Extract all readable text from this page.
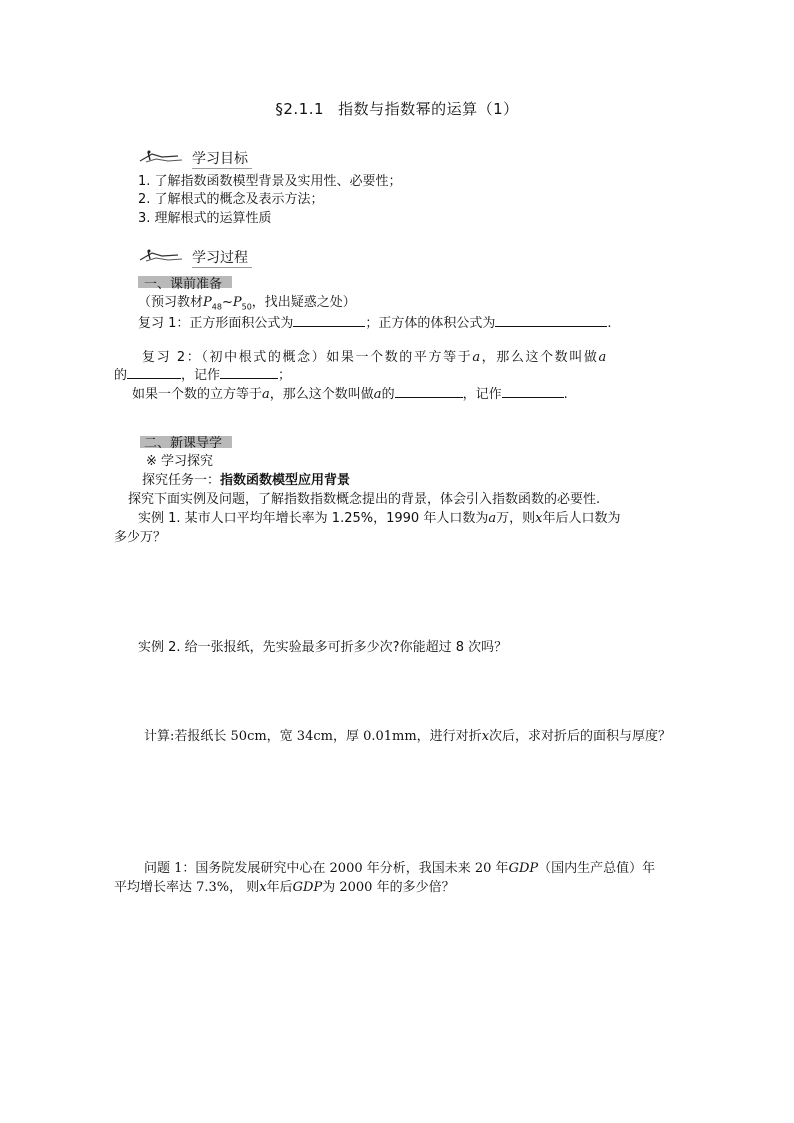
§2.1.1 指数与指数幂的运算（1）
学习目标
1. 了解指数函数模型背景及实用性、必要性；
2. 了解根式的概念及表示方法；
3. 理解根式的运算性质
学习过程
一、课前准备
（预习教材$P_{48}\sim P_{50}$，找出疑惑之处）
复习 1：正方形面积公式为	；正方体的体积公式为	.
复习 2：（初中根式的概念）如果一个数的平方等于a，那么这个数叫做a
的	，记作	；
如果一个数的立方等于a，那么这个数叫做a的	，记作	.
二、新课导学
※ 学习探究
探究任务一：指数函数模型应用背景
探究下面实例及问题，了解指数指数概念提出的背景，体会引入指数函数的必要性.
实例 1. 某市人口平均年增长率为 1.25%，1990 年人口数为a万，则x年后人口数为
多少万？
实例 2. 给一张报纸，先实验最多可折多少次?你能超过 8 次吗？
计算:若报纸长 50cm，宽 34cm，厚 0.01mm，进行对折x次后，求对折后的面积与厚度？
问题 1：国务院发展研究中心在 2000 年分析，我国未来 20 年GDP（国内生产总值）年
平均增长率达 7.3%， 则x年后GDP为 2000 年的多少倍？
